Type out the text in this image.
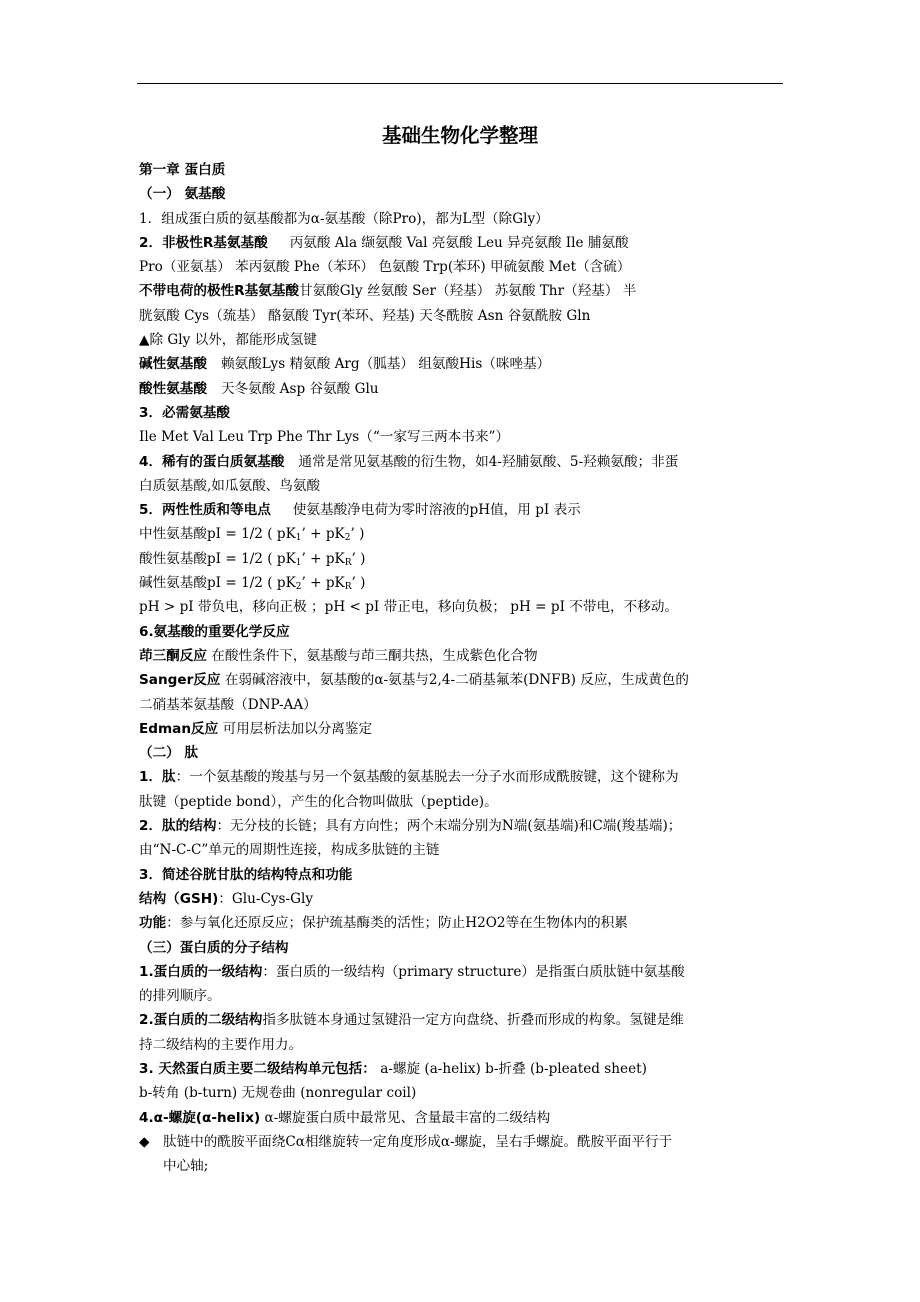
基础生物化学整理
第一章 蛋白质
（一） 氨基酸
1．组成蛋白质的氨基酸都为α-氨基酸（除Pro)，都为L型（除Gly）
2．非极性R基氨基酸 丙氨酸 Ala 缬氨酸 Val 亮氨酸 Leu 异亮氨酸 Ile 脯氨酸
Pro（亚氨基） 苯丙氨酸 Phe（苯环） 色氨酸 Trp(苯环) 甲硫氨酸 Met（含硫）
不带电荷的极性R基氨基酸甘氨酸Gly 丝氨酸 Ser（羟基） 苏氨酸 Thr（羟基） 半
胱氨酸 Cys（巯基） 酪氨酸 Tyr(苯环、羟基) 天冬酰胺 Asn 谷氨酰胺 Gln
▲除 Gly 以外，都能形成氢键
碱性氨基酸 赖氨酸Lys 精氨酸 Arg（胍基） 组氨酸His（咪唑基）
酸性氨基酸 天冬氨酸 Asp 谷氨酸 Glu
3．必需氨基酸
Ile Met Val Leu Trp Phe Thr Lys（“一家写三两本书来”）
4．稀有的蛋白质氨基酸 通常是常见氨基酸的衍生物，如4-羟脯氨酸、5-羟赖氨酸；非蛋
白质氨基酸,如瓜氨酸、鸟氨酸
5．两性性质和等电点 使氨基酸净电荷为零时溶液的pH值，用 pI 表示
中性氨基酸pI = 1/2 ( $pK_1$’ + $pK_2$’ )
酸性氨基酸pI = 1/2 ( $pK_1$’ + $pK_R$’ )
碱性氨基酸pI = 1/2 ( $pK_2$’ + $pK_R$’ )
pH > pI 带负电，移向正极 ；pH < pI 带正电，移向负极； pH = pI 不带电，不移动。
6.氨基酸的重要化学反应
茚三酮反应 在酸性条件下，氨基酸与茚三酮共热，生成紫色化合物
Sanger反应 在弱碱溶液中，氨基酸的α-氨基与2,4-二硝基氟苯(DNFB) 反应，生成黄色的
二硝基苯氨基酸（DNP-AA）
Edman反应 可用层析法加以分离鉴定
（二） 肽
1．肽：一个氨基酸的羧基与另一个氨基酸的氨基脱去一分子水而形成酰胺键，这个键称为
肽键（peptide bond），产生的化合物叫做肽（peptide)。
2．肽的结构：无分枝的长链；具有方向性；两个末端分别为N端(氨基端)和C端(羧基端)；
由“N-C-C”单元的周期性连接，构成多肽链的主链
3．简述谷胱甘肽的结构特点和功能
结构（GSH)：Glu-Cys-Gly
功能：参与氧化还原反应；保护巯基酶类的活性；防止H2O2等在生物体内的积累
（三）蛋白质的分子结构
1.蛋白质的一级结构：蛋白质的一级结构（primary structure）是指蛋白质肽链中氨基酸
的排列顺序。
2.蛋白质的二级结构指多肽链本身通过氢键沿一定方向盘绕、折叠而形成的构象。氢键是维
持二级结构的主要作用力。
3. 天然蛋白质主要二级结构单元包括： a-螺旋 (a-helix) b-折叠 (b-pleated sheet)
b-转角 (b-turn) 无规卷曲 (nonregular coil)
4.α-螺旋(α-helix) α-螺旋蛋白质中最常见、含量最丰富的二级结构
◆ 肽链中的酰胺平面绕Cα相继旋转一定角度形成α-螺旋，呈右手螺旋。酰胺平面平行于
中心轴;
